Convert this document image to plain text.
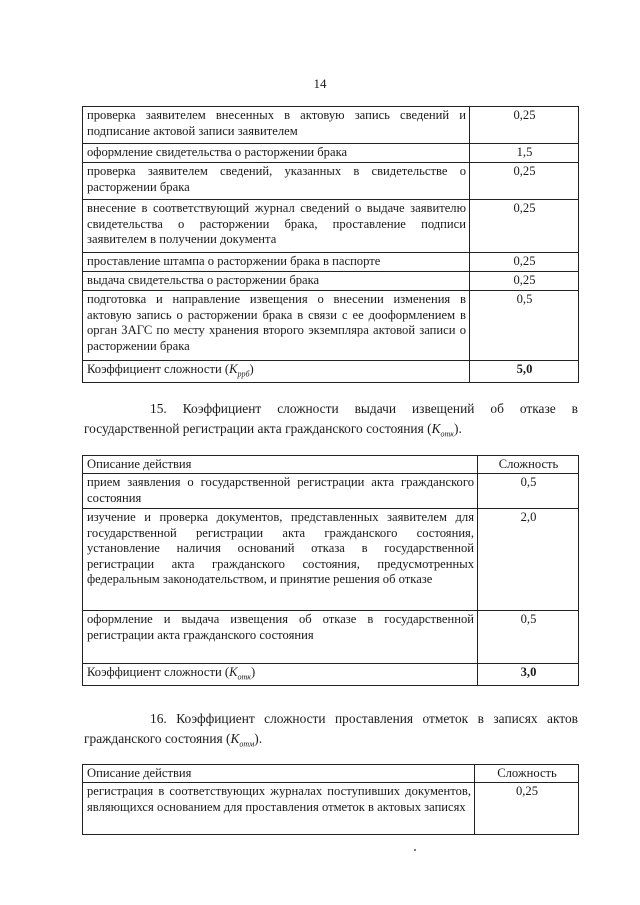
14
проверка заявителем внесенных в актовую запись сведений и подписание актовой записи заявителем	0,25
оформление свидетельства о расторжении брака	1,5
проверка заявителем сведений, указанных в свидетельстве о расторжении брака	0,25
внесение в соответствующий журнал сведений о выдаче заявителю свидетельства о расторжении брака, проставление подписи заявителем в получении документа	0,25
проставление штампа о расторжении брака в паспорте	0,25
выдача свидетельства о расторжении брака	0,25
подготовка и направление извещения о внесении изменения в актовую запись о расторжении брака в связи с ее дооформлением в орган ЗАГС по месту хранения второго экземпляра актовой записи о расторжении брака	0,5
Коэффициент сложности $(K_{ррб})$	5,0
15. Коэффициент сложности выдачи извещений об отказе в государственной регистрации акта гражданского состояния $(K_{отк})$.
Описание действия	Сложность
прием заявления о государственной регистрации акта гражданского состояния	0,5
изучение и проверка документов, представленных заявителем для государственной регистрации акта гражданского состояния, установление наличия оснований отказа в государственной регистрации акта гражданского состояния, предусмотренных федеральным законодательством, и принятие решения об отказе	2,0
оформление и выдача извещения об отказе в государственной регистрации акта гражданского состояния	0,5
Коэффициент сложности $(K_{отк})$	3,0
16. Коэффициент сложности проставления отметок в записях актов гражданского состояния $(K_{отм})$.
Описание действия	Сложность
регистрация в соответствующих журналах поступивших документов, являющихся основанием для проставления отметок в актовых записях	0,25
